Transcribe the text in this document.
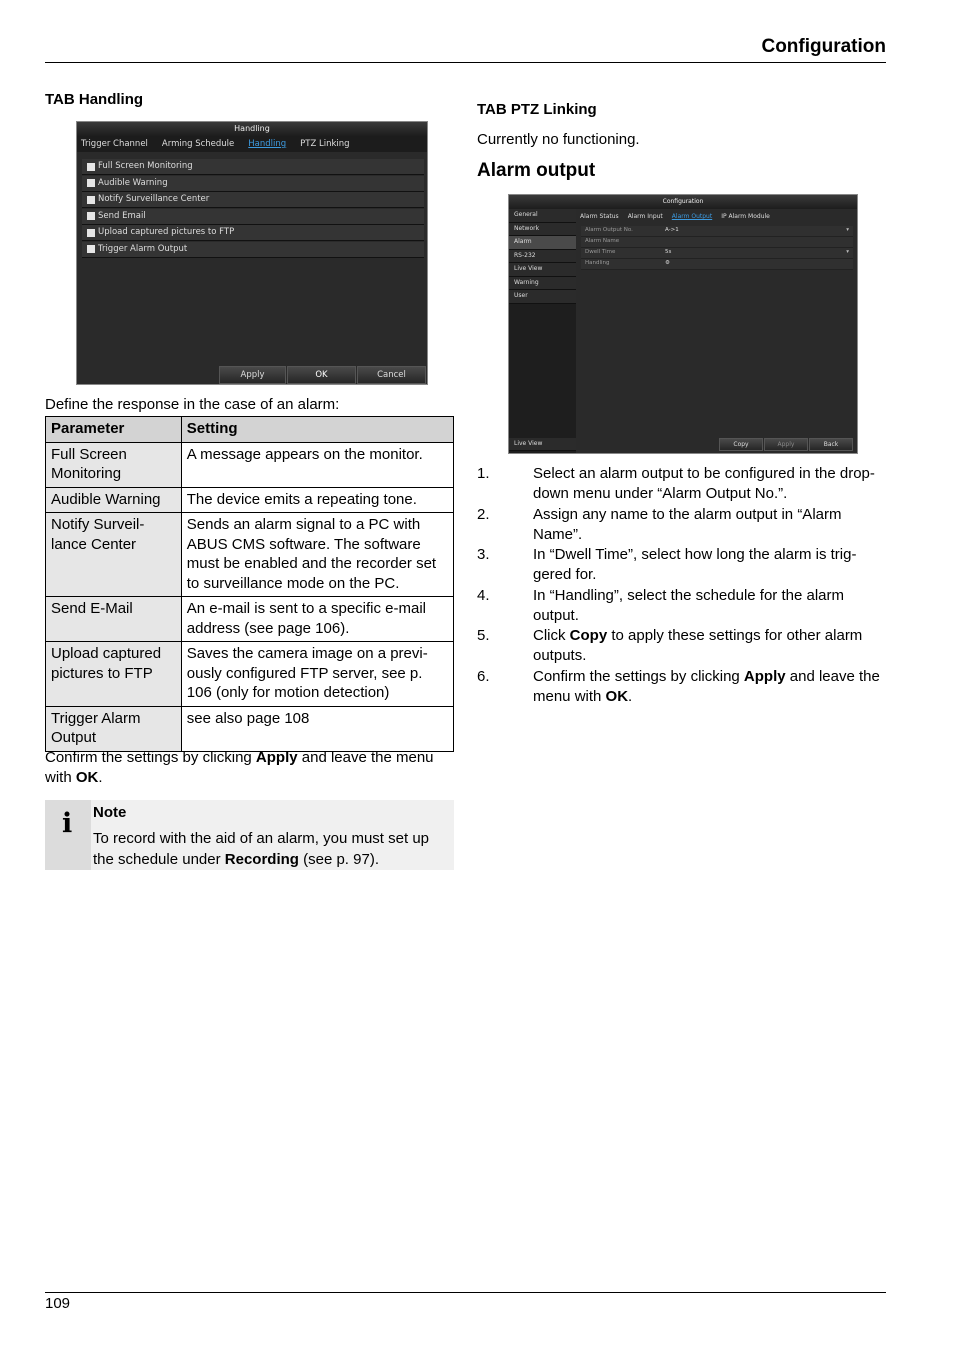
Configuration
TAB Handling
Handling
Trigger Channel Arming Schedule Handling PTZ Linking
Full Screen Monitoring
Audible Warning
Notify Surveillance Center
Send Email
Upload captured pictures to FTP
Trigger Alarm Output
Apply	OK	Cancel

Define the response in the case of an alarm:

Parameter	Setting
Full Screen Monitoring	A message appears on the monitor.
Audible Warning	The device emits a repeating tone.
Notify Surveil-lance Center	Sends an alarm signal to a PC with ABUS CMS software. The software must be enabled and the recorder set to surveillance mode on the PC.
Send E-Mail	An e-mail is sent to a specific e-mail address (see page 106).
Upload captured pictures to FTP	Saves the camera image on a previ-ously configured FTP server, see p. 106 (only for motion detection)
Trigger Alarm Output	see also page 108

Confirm the settings by clicking Apply and leave the menu with OK.

i Note

To record with the aid of an alarm, you must set up the schedule under Recording (see p. 97).

TAB PTZ Linking

Currently no functioning.

Alarm output
Configuration
General
Network
Alarm
RS-232
Live View
Warning
User
Live View
Alarm Status Alarm Input Alarm Output IP Alarm Module
Alarm Output No.	A->1	▾
Alarm Name
Dwell Time	5s	▾
Handling	⚙
Copy	Apply	Back
1.	Select an alarm output to be configured in the drop-down menu under “Alarm Output No.”.
2.	Assign any name to the alarm output in “Alarm Name”.
3.	In “Dwell Time”, select how long the alarm is trig-gered for.
4.	In “Handling”, select the schedule for the alarm output.
5.	Click Copy to apply these settings for other alarm outputs.
6.	Confirm the settings by clicking Apply and leave the menu with OK.
109
